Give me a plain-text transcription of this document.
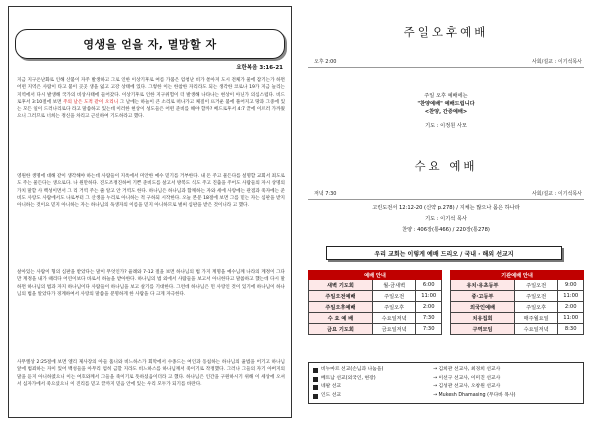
영생을 얻을 자, 멸망할 자
요한복음 3:16-21

지금 지구온난화로 인해 산불이 자주 발생하고 그로 인한 이상기후로 여름 가뭄은 엄청난 비가 쏟아져 도시 전체가 물에 잠기는가 하면 어떤 지역은 사람이 타고 불이 곳곳 생을 잃고 고강 상태에 있다. 그렇한 이는 한참한 자리라도 되는 생각한 코로나 19가 지금 늘리는 지역에서 다시 발생해 국가의 비상사태에 들어갔다. 이상기후로 인한 지구위험이 더 발생해 나타나는 현상이 아닌가 의심스럽다. 비드로후서 3:10절에 보면 주의 날은 도적 같이 오리니 그 날에는 하늘이 큰 소리로 떠나가고 체질이 뜨거운 불에 풀어지고 땅과 그중에 있는 모든 일이 드러나리로다 라고 말씀하고 있는데 이러한 현상이 성도들은 어떤 준비를 해야 할까? 베드로후서 4:7 끝에 이르러 가까웠으니 그러므로 너희는 정신을 차리고 근신하여 기도하라고 했다.

영원한 생명에 대해 같이 생각해야 하는데 사람들이 지옥에서 미안한 예수 믿기를 거부한다. 내 돈 주고 물든다를 설명할 교회서 죄도로도 주는 물든다는 생으로다. 나 원만하다. 진도조정진하여 기쁜 준비도를 살고서 방복도 식도 주고 진출을 주어도 사람들의 자시 상명의 가치 말할 사 백성이면서 그 리 거역 주는 줄 알고 안 거역도 한다. 하나님은 하나님과 함께하는 자와 세에 사랑에는 관점과 죽자에는 준비도 사랑도 사람에서도 나로부터 그 산생을 누리로 아니하는 적 구하되 시작한다. 오늘 본문 18절에 보면 그를 믿는 자는 심판을 받지 아니하는 것이요 믿지 아니하는 자는 하나님의 독생자의 이름을 믿지 아니하므로 벌써 심판을 받은 것이니라 고 했다.

살아있는 사람이 형의 심판을 받았다는 말이 무엇인가? 율례와 7-12 절을 보면 하나님의 법 가지 계명을 예수님께 나라의 계정이 그다만 계정을 내가 때리다 어린이보다 바로서 하늘을 받아한다. 하나님의 법 외에서 사람들을 보고서 아니한다고 말씀하고 했는데 다시 말하면 하나님의 법과 자지 하나님이다 사람들이 하나님을 보고 살기를 기대한다. 그런데 하나님은 먼 사랑인 것이 있기에 하나님이 하나님의 법을 알았다가 경계하여서 사랑의 말씀을 분명하게 한 사람을 다 크게 자극한다.

사무엘상 2:25절에 보면 엘리 제사장의 아들 홉니와 비느하스가 회막에서 수종드는 여인과 동침하는 하나님의 율법을 어기고 하나님 앞에 범죄하는 자이 있어 백성들을 아무리 엄히 금할 지라도 비느하스를 하나님께서 죽이기로 작정했다. 그러나 그들의 자기 아버지의 말을 듣지 아니하였으니 이는 여호와께서 그들을 죽이기로 뜻하셨음이더라 고 했다. 하나님은 인간을 구원하시기 위해 이 세상에 오셔서 십자가에서 죽으셨으니 이 진리를 믿고 끝까지 믿음 안에 있는 우리 모두가 되기를 바란다.

주일오후예배
오후 2:00	사회/설교 : 이기석목사
주일 오후 예배에는
"찬양예배" 예배드립니다
<찬양, 간증예배>
기도 : 이정원 사모
수요 예배
저녁 7:30	사회/설교 : 이기석목사
고린도전서 12:12-20 (신약 p.278) / 지체는 많으나 몸은 하나라
기도 : 이기석 목사
찬양 : 406장(통466) / 220장(통278)
우리 교회는 이렇게 예배 드리오 / 국내 · 해외 선교지
예배 안내		
새벽 기도회	월-금새벽	6:00
주일오전예배	주일오전	11:00
주일오후예배	주일오후	2:00
수 요 예 배	수요일저녁	7:30
금요 기도회	금요일저녁	7:30
기관예배 안내		
유치·유초등부	주일오전	9:00
중·고등부	주일오전	11:00
외국인예배	주일오후	2:00
치유집회	매주월요일	11:00
구역모임	수요일저녁	8:30
비누마르 선교(손님과 나눔을)	→ 김희관 선교사, 최경희 선교사
베트남 선교(외국인, 현장)	→ 이선구 선교사, 이미진 선교사
네팔 선교	→ 김성관 선교사, 오창원 선교사
인도 선교	→ Mukesh Dhamasing (무다바 목사)
